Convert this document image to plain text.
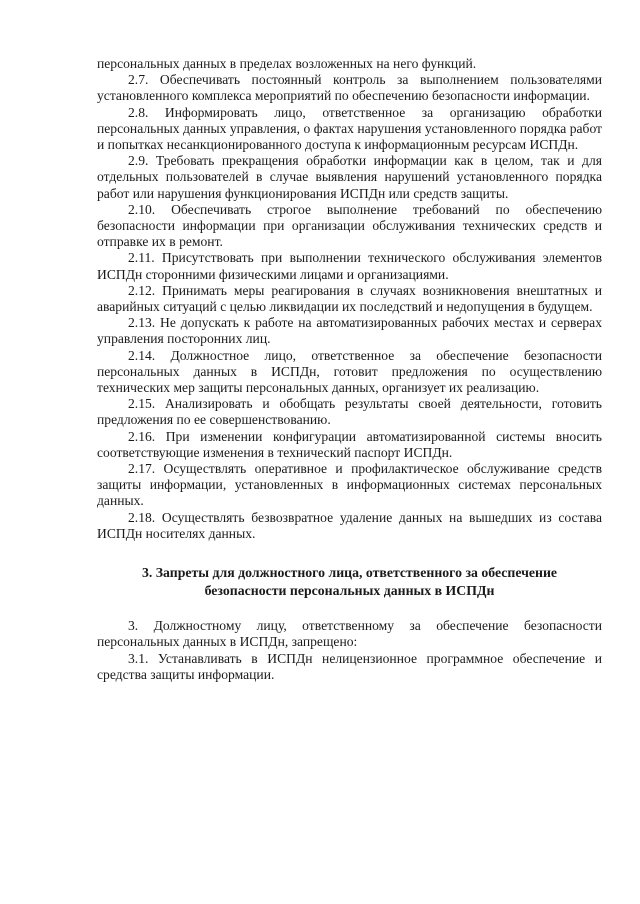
персональных данных в пределах возложенных на него функций.

2.7. Обеспечивать постоянный контроль за выполнением пользователями установленного комплекса мероприятий по обеспечению безопасности информации.

2.8. Информировать лицо, ответственное за организацию обработки персональных данных управления, о фактах нарушения установленного порядка работ и попытках несанкционированного доступа к информационным ресурсам ИСПДн.

2.9. Требовать прекращения обработки информации как в целом, так и для отдельных пользователей в случае выявления нарушений установленного порядка работ или нарушения функционирования ИСПДн или средств защиты.

2.10. Обеспечивать строгое выполнение требований по обеспечению безопасности информации при организации обслуживания технических средств и отправке их в ремонт.

2.11. Присутствовать при выполнении технического обслуживания элементов ИСПДн сторонними физическими лицами и организациями.

2.12. Принимать меры реагирования в случаях возникновения внештатных и аварийных ситуаций с целью ликвидации их последствий и недопущения в будущем.

2.13. Не допускать к работе на автоматизированных рабочих местах и серверах управления посторонних лиц.

2.14. Должностное лицо, ответственное за обеспечение безопасности персональных данных в ИСПДн, готовит предложения по осуществлению технических мер защиты персональных данных, организует их реализацию.

2.15. Анализировать и обобщать результаты своей деятельности, готовить предложения по ее совершенствованию.

2.16. При изменении конфигурации автоматизированной системы вносить соответствующие изменения в технический паспорт ИСПДн.

2.17. Осуществлять оперативное и профилактическое обслуживание средств защиты информации, установленных в информационных системах персональных данных.

2.18. Осуществлять безвозвратное удаление данных на вышедших из состава ИСПДн носителях данных.

3. Запреты для должностного лица, ответственного за обеспечение
безопасности персональных данных в ИСПДн

3. Должностному лицу, ответственному за обеспечение безопасности персональных данных в ИСПДн, запрещено:

3.1. Устанавливать в ИСПДн нелицензионное программное обеспечение и средства защиты информации.
